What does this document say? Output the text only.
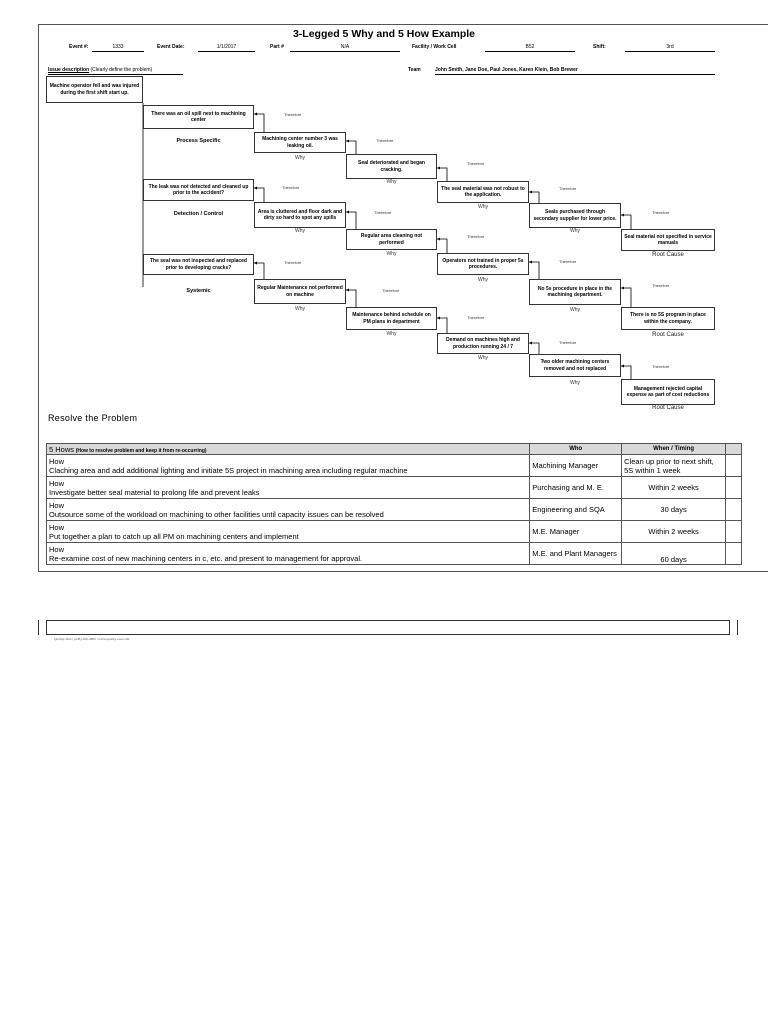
3-Legged 5 Why and 5 How Example
Event #:	1333	Event Date:	1/1/2017	Part #	N/A	Facility / Work Cell	B52	Shift:	3rd
Issue description (Clearly define the problem)	Team	John Smith, Jane Doe, Paul Jones, Karen Klein, Bob Brewer
Machine operator fell and was injured during the first shift start up.
There was an oil spill next to machining center
Process Specific	Machining center number 3 was leaking oil.
Seal deteriorated and began cracking.
The seal material was not robust to the application.
Seals purchased through secondary supplier for lower price.
Seal material not specified in service manuals
Why
Why
Why
Why
Root Cause
Therefore
Therefore
Therefore
Therefore
Therefore
The leak was not detected and cleaned up prior to the accident?
Detection / Control	Area is cluttered and floor dark and dirty so hard to spot any spills
Regular area cleaning not performed
Operators not trained in proper 5s procedures.
No 5s procedure in place in the machining department.
There is no 5S program in place within the company.
Why
Why
Why
Why
Root Cause
Therefore
Therefore
Therefore
Therefore
Therefore
The seal was not inspected and replaced prior to developing cracks?
Systemic	Regular Maintenance not performed on machine
Maintenance behind schedule on PM plans in department
Demand on machines high and production running 24 / 7
Two older machining centers removed and not replaced
Management rejected capital expense as part of cost reductions
Why
Why
Why
Why
Root Cause
Therefore
Therefore
Therefore
Therefore
Therefore
Resolve the Problem
5 Hows (How to resolve problem and keep it from re-occurring)	Who	When / Timing	

How
Claching area and add additional lighting and initiate 5S project in machining area including regular machine	Machining Manager	Clean up prior to next shift, 5S within 1 week	

How
Investigate better seal material to prolong life and prevent leaks	Purchasing and M. E.	Within 2 weeks	

How
Outsource some of the workload on machining to other facilities until capacity issues can be resolved	Engineering and SQA	30 days	

How
Put together a plan to catch up all PM on machining centers and implement	M.E. Manager	Within 2 weeks	

How
Re-examine cost of new machining centers in c, etc. and present to management for approval.	M.E. and Plant Managers	60 days	
Quality-One | (248) 280-4800 | www.quality-one.com
